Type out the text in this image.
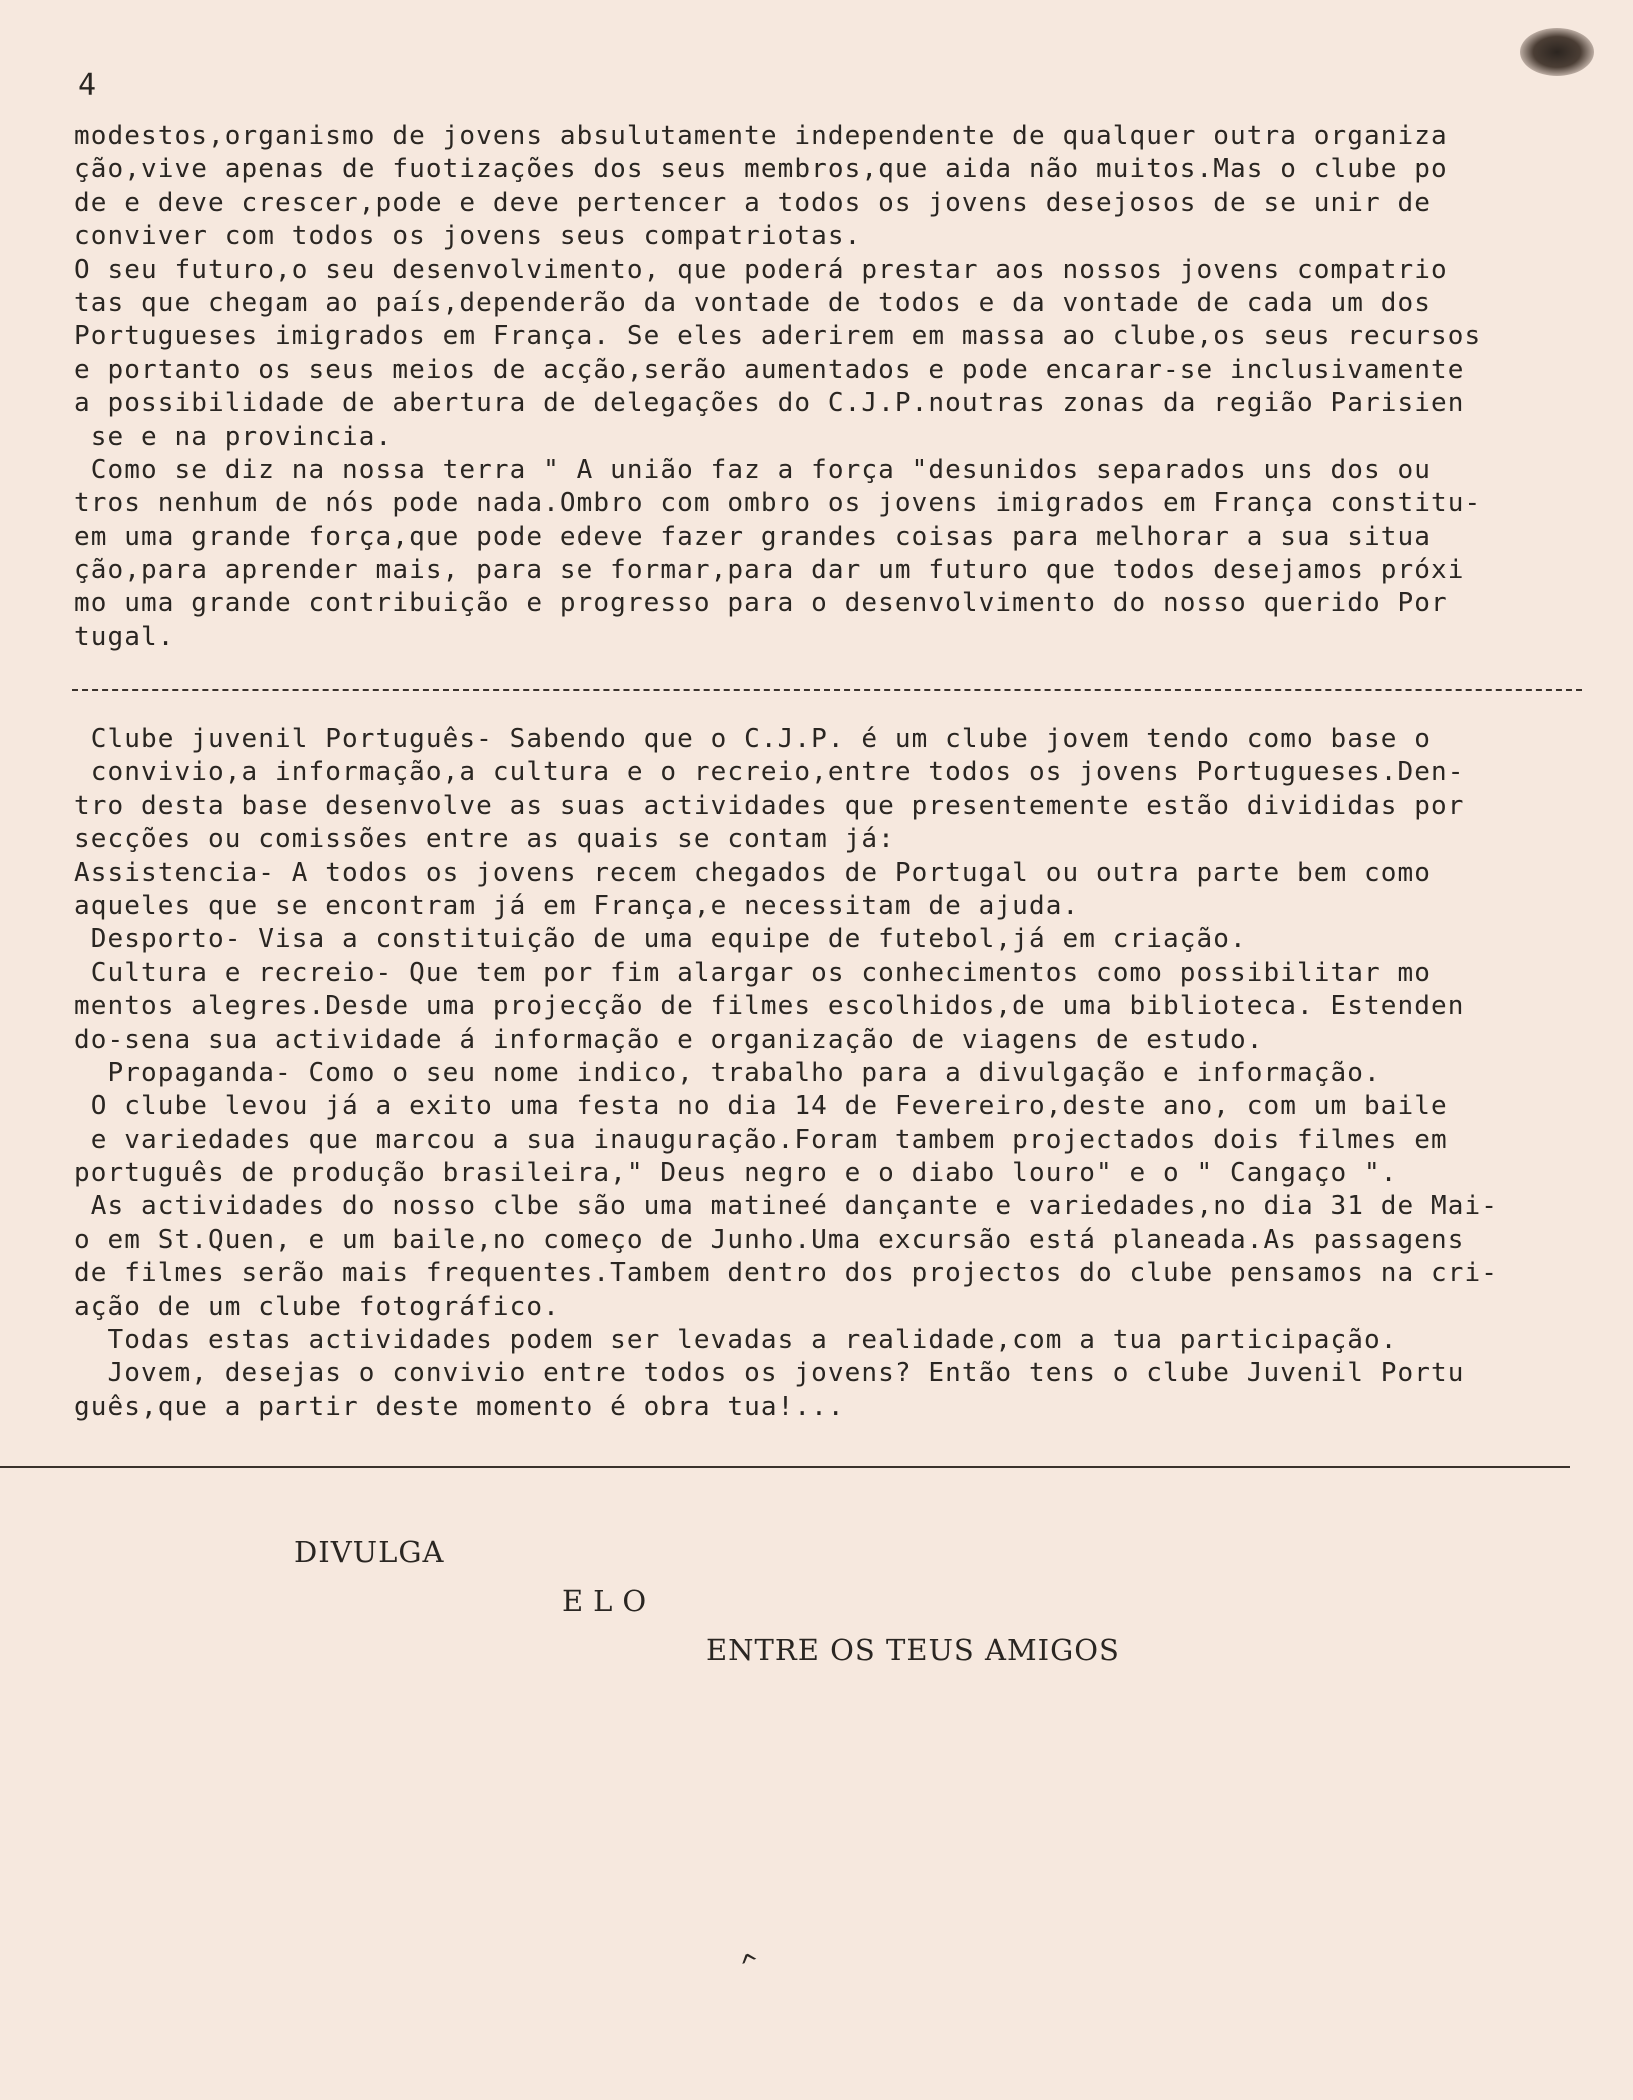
4
modestos,organismo de jovens absulutamente independente de qualquer outra organiza
ção,vive apenas de fuotizações dos seus membros,que aida não muitos.Mas o clube po
de e deve crescer,pode e deve pertencer a todos os jovens desejosos de se unir de
conviver com todos os jovens seus compatriotas.
O seu futuro,o seu desenvolvimento, que poderá prestar aos nossos jovens compatrio
tas que chegam ao país,dependerão da vontade de todos e da vontade de cada um dos
Portugueses imigrados em França. Se eles aderirem em massa ao clube,os seus recursos
e portanto os seus meios de acção,serão aumentados e pode encarar-se inclusivamente
a possibilidade de abertura de delegações do C.J.P.noutras zonas da região Parisien
se e na provincia.
Como se diz na nossa terra " A união faz a força "desunidos separados uns dos ou
tros nenhum de nós pode nada.Ombro com ombro os jovens imigrados em França constitu-
em uma grande força,que pode edeve fazer grandes coisas para melhorar a sua situa
ção,para aprender mais, para se formar,para dar um futuro que todos desejamos próxi
mo uma grande contribuição e progresso para o desenvolvimento do nosso querido Por
tugal.
Clube juvenil Português- Sabendo que o C.J.P. é um clube jovem tendo como base o
convivio,a informação,a cultura e o recreio,entre todos os jovens Portugueses.Den-
tro desta base desenvolve as suas actividades que presentemente estão divididas por
secções ou comissões entre as quais se contam já:
Assistencia- A todos os jovens recem chegados de Portugal ou outra parte bem como
aqueles que se encontram já em França,e necessitam de ajuda.
Desporto- Visa a constituição de uma equipe de futebol,já em criação.
Cultura e recreio- Que tem por fim alargar os conhecimentos como possibilitar mo
mentos alegres.Desde uma projecção de filmes escolhidos,de uma biblioteca. Estenden
do-sena sua actividade á informação e organização de viagens de estudo.
Propaganda- Como o seu nome indico, trabalho para a divulgação e informação.
O clube levou já a exito uma festa no dia 14 de Fevereiro,deste ano, com um baile
e variedades que marcou a sua inauguração.Foram tambem projectados dois filmes em
português de produção brasileira," Deus negro e o diabo louro" e o " Cangaço ".
As actividades do nosso clbe são uma matineé dançante e variedades,no dia 31 de Mai-
o em St.Quen, e um baile,no começo de Junho.Uma excursão está planeada.As passagens
de filmes serão mais frequentes.Tambem dentro dos projectos do clube pensamos na cri-
ação de um clube fotográfico.
Todas estas actividades podem ser levadas a realidade,com a tua participação.
Jovem, desejas o convivio entre todos os jovens? Então tens o clube Juvenil Portu
guês,que a partir deste momento é obra tua!...
DIVULGA
ELO
ENTRE OS TEUS AMIGOS
^
